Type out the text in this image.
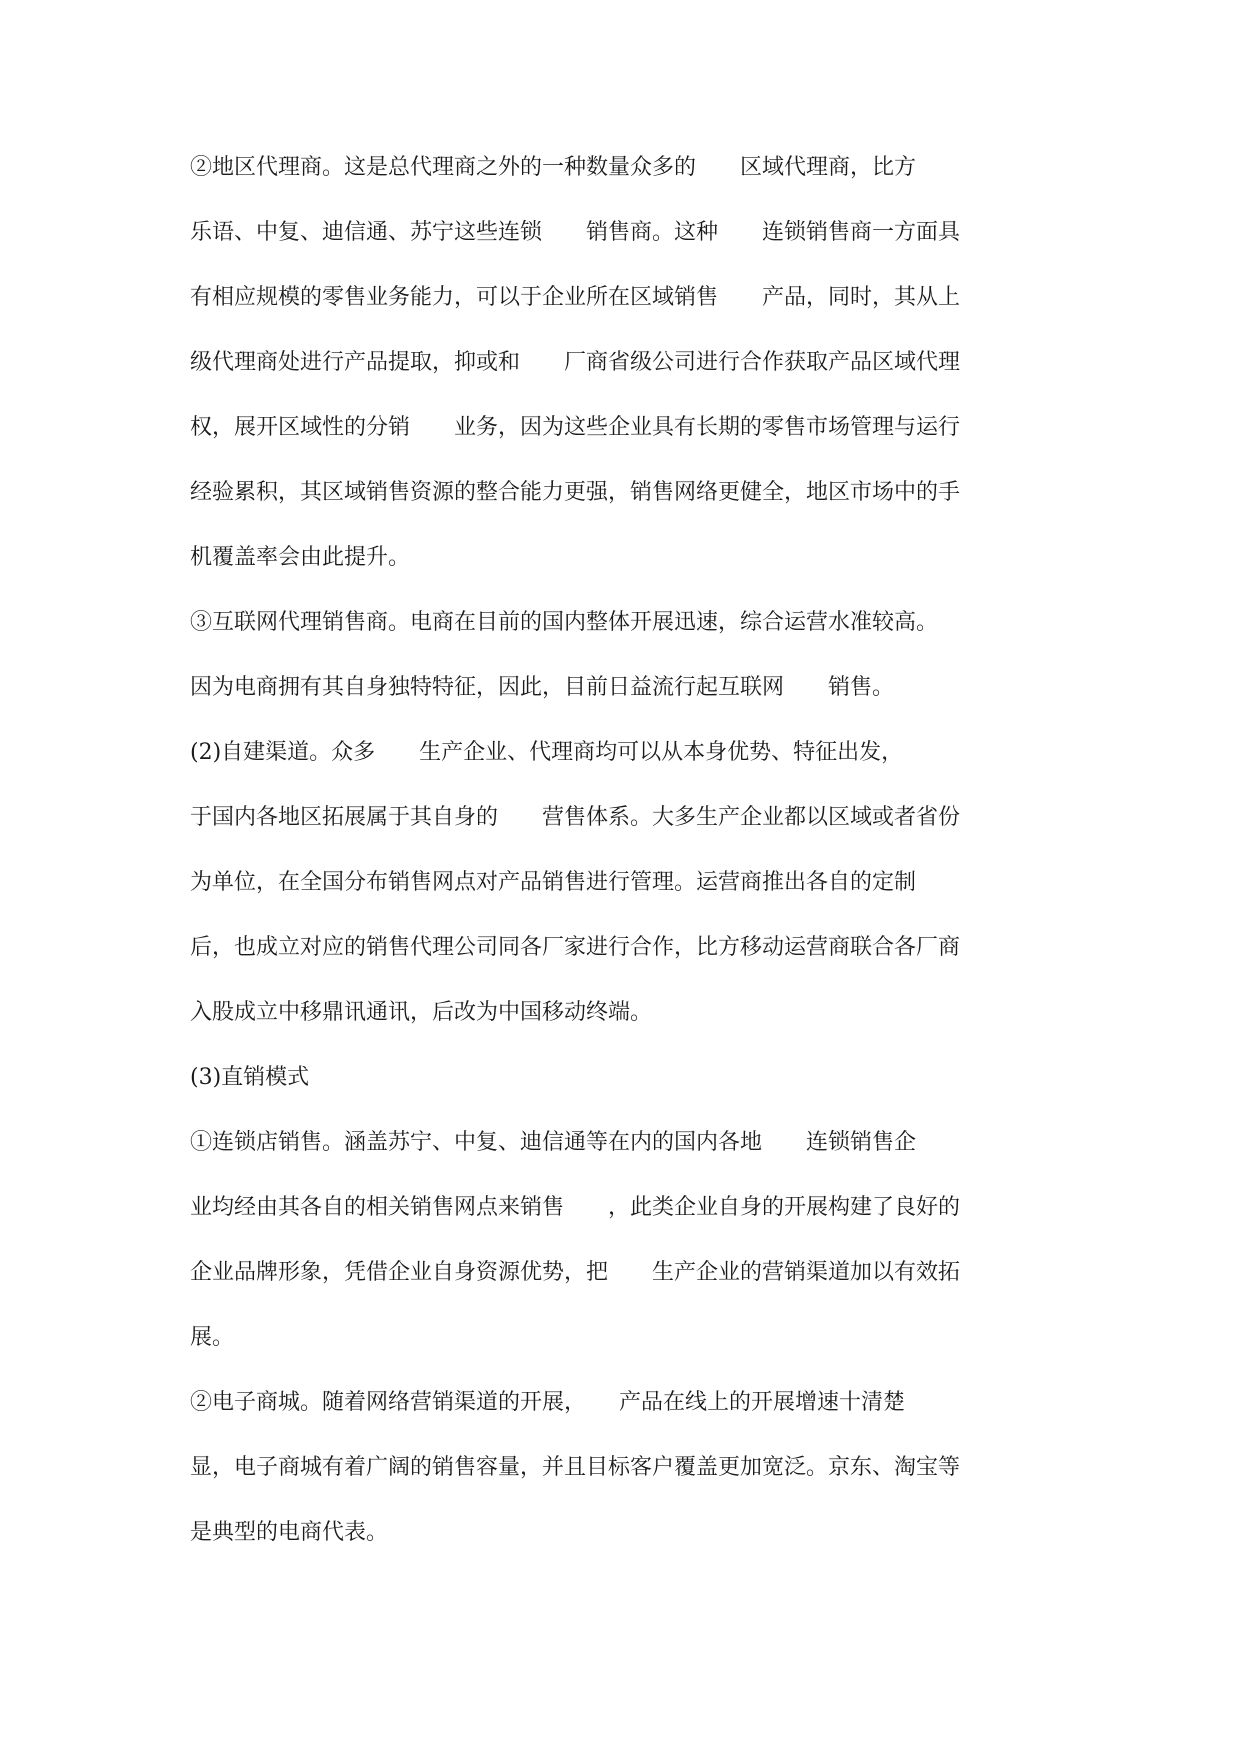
②地区代理商。这是总代理商之外的一种数量众多的　　区域代理商，比方
乐语、中复、迪信通、苏宁这些连锁　　销售商。这种　　连锁销售商一方面具
有相应规模的零售业务能力，可以于企业所在区域销售　　产品，同时，其从上
级代理商处进行产品提取，抑或和　　厂商省级公司进行合作获取产品区域代理
权，展开区域性的分销　　业务，因为这些企业具有长期的零售市场管理与运行
经验累积，其区域销售资源的整合能力更强，销售网络更健全，地区市场中的手
机覆盖率会由此提升。
③互联网代理销售商。电商在目前的国内整体开展迅速，综合运营水准较高。
因为电商拥有其自身独特特征，因此，目前日益流行起互联网　　销售。
(2)自建渠道。众多　　生产企业、代理商均可以从本身优势、特征出发，
于国内各地区拓展属于其自身的　　营售体系。大多生产企业都以区域或者省份
为单位，在全国分布销售网点对产品销售进行管理。运营商推出各自的定制
后，也成立对应的销售代理公司同各厂家进行合作，比方移动运营商联合各厂商
入股成立中移鼎讯通讯，后改为中国移动终端。
(3)直销模式
①连锁店销售。涵盖苏宁、中复、迪信通等在内的国内各地　　连锁销售企
业均经由其各自的相关销售网点来销售　　，此类企业自身的开展构建了良好的
企业品牌形象，凭借企业自身资源优势，把　　生产企业的营销渠道加以有效拓
展。
②电子商城。随着网络营销渠道的开展，　　产品在线上的开展增速十清楚
显，电子商城有着广阔的销售容量，并且目标客户覆盖更加宽泛。京东、淘宝等
是典型的电商代表。
